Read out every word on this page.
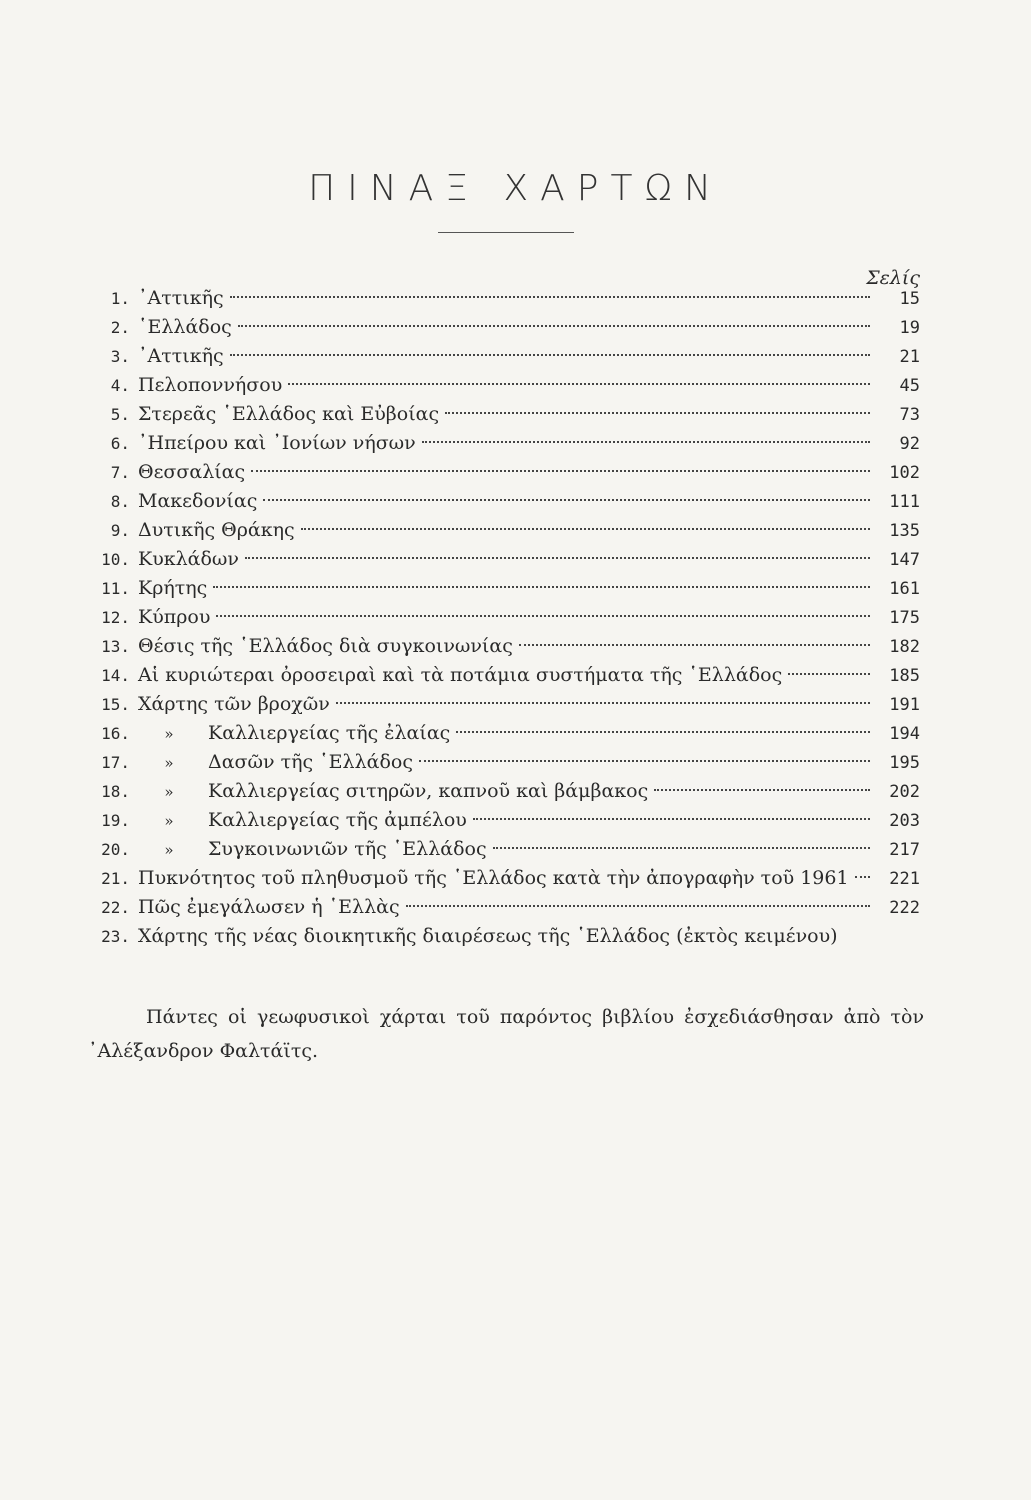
ΠΙΝΑΞ ΧΑΡΤΩΝ
Σελίς
1. ᾿Αττικῆς	15
2. ῾Ελλάδος	19
3. ᾿Αττικῆς	21
4. Πελοποννήσου	45
5. Στερεᾶς ῾Ελλάδος καὶ Εὐβοίας	73
6. ᾿Ηπείρου καὶ ᾿Ιονίων νήσων	92
7. Θεσσαλίας	102
8. Μακεδονίας	111
9. Δυτικῆς Θράκης	135
10. Κυκλάδων	147
11. Κρήτης	161
12. Κύπρου	175
13. Θέσις τῆς ῾Ελλάδος διὰ συγκοινωνίας	182
14. Αἱ κυριώτεραι ὀροσειραὶ καὶ τὰ ποτάμια συστήματα τῆς ῾Ελλάδος	185
15. Χάρτης τῶν βροχῶν	191
16.	»	Καλλιεργείας τῆς ἐλαίας	194
17.	»	Δασῶν τῆς ῾Ελλάδος	195
18.	»	Καλλιεργείας σιτηρῶν, καπνοῦ καὶ βάμβακος	202
19.	»	Καλλιεργείας τῆς ἀμπέλου	203
20.	»	Συγκοινωνιῶν τῆς ῾Ελλάδος	217
21. Πυκνότητος τοῦ πληθυσμοῦ τῆς ῾Ελλάδος κατὰ τὴν ἀπογραφὴν τοῦ 1961	221
22. Πῶς ἐμεγάλωσεν ἡ ῾Ελλὰς	222
23. Χάρτης τῆς νέας διοικητικῆς διαιρέσεως τῆς ῾Ελλάδος (ἐκτὸς κειμένου)
Πάντες οἱ γεωφυσικοὶ χάρται τοῦ παρόντος βιβλίου ἐσχεδιάσθησαν ἀπὸ τὸν ᾿Αλέξανδρον Φαλτάϊτς.
